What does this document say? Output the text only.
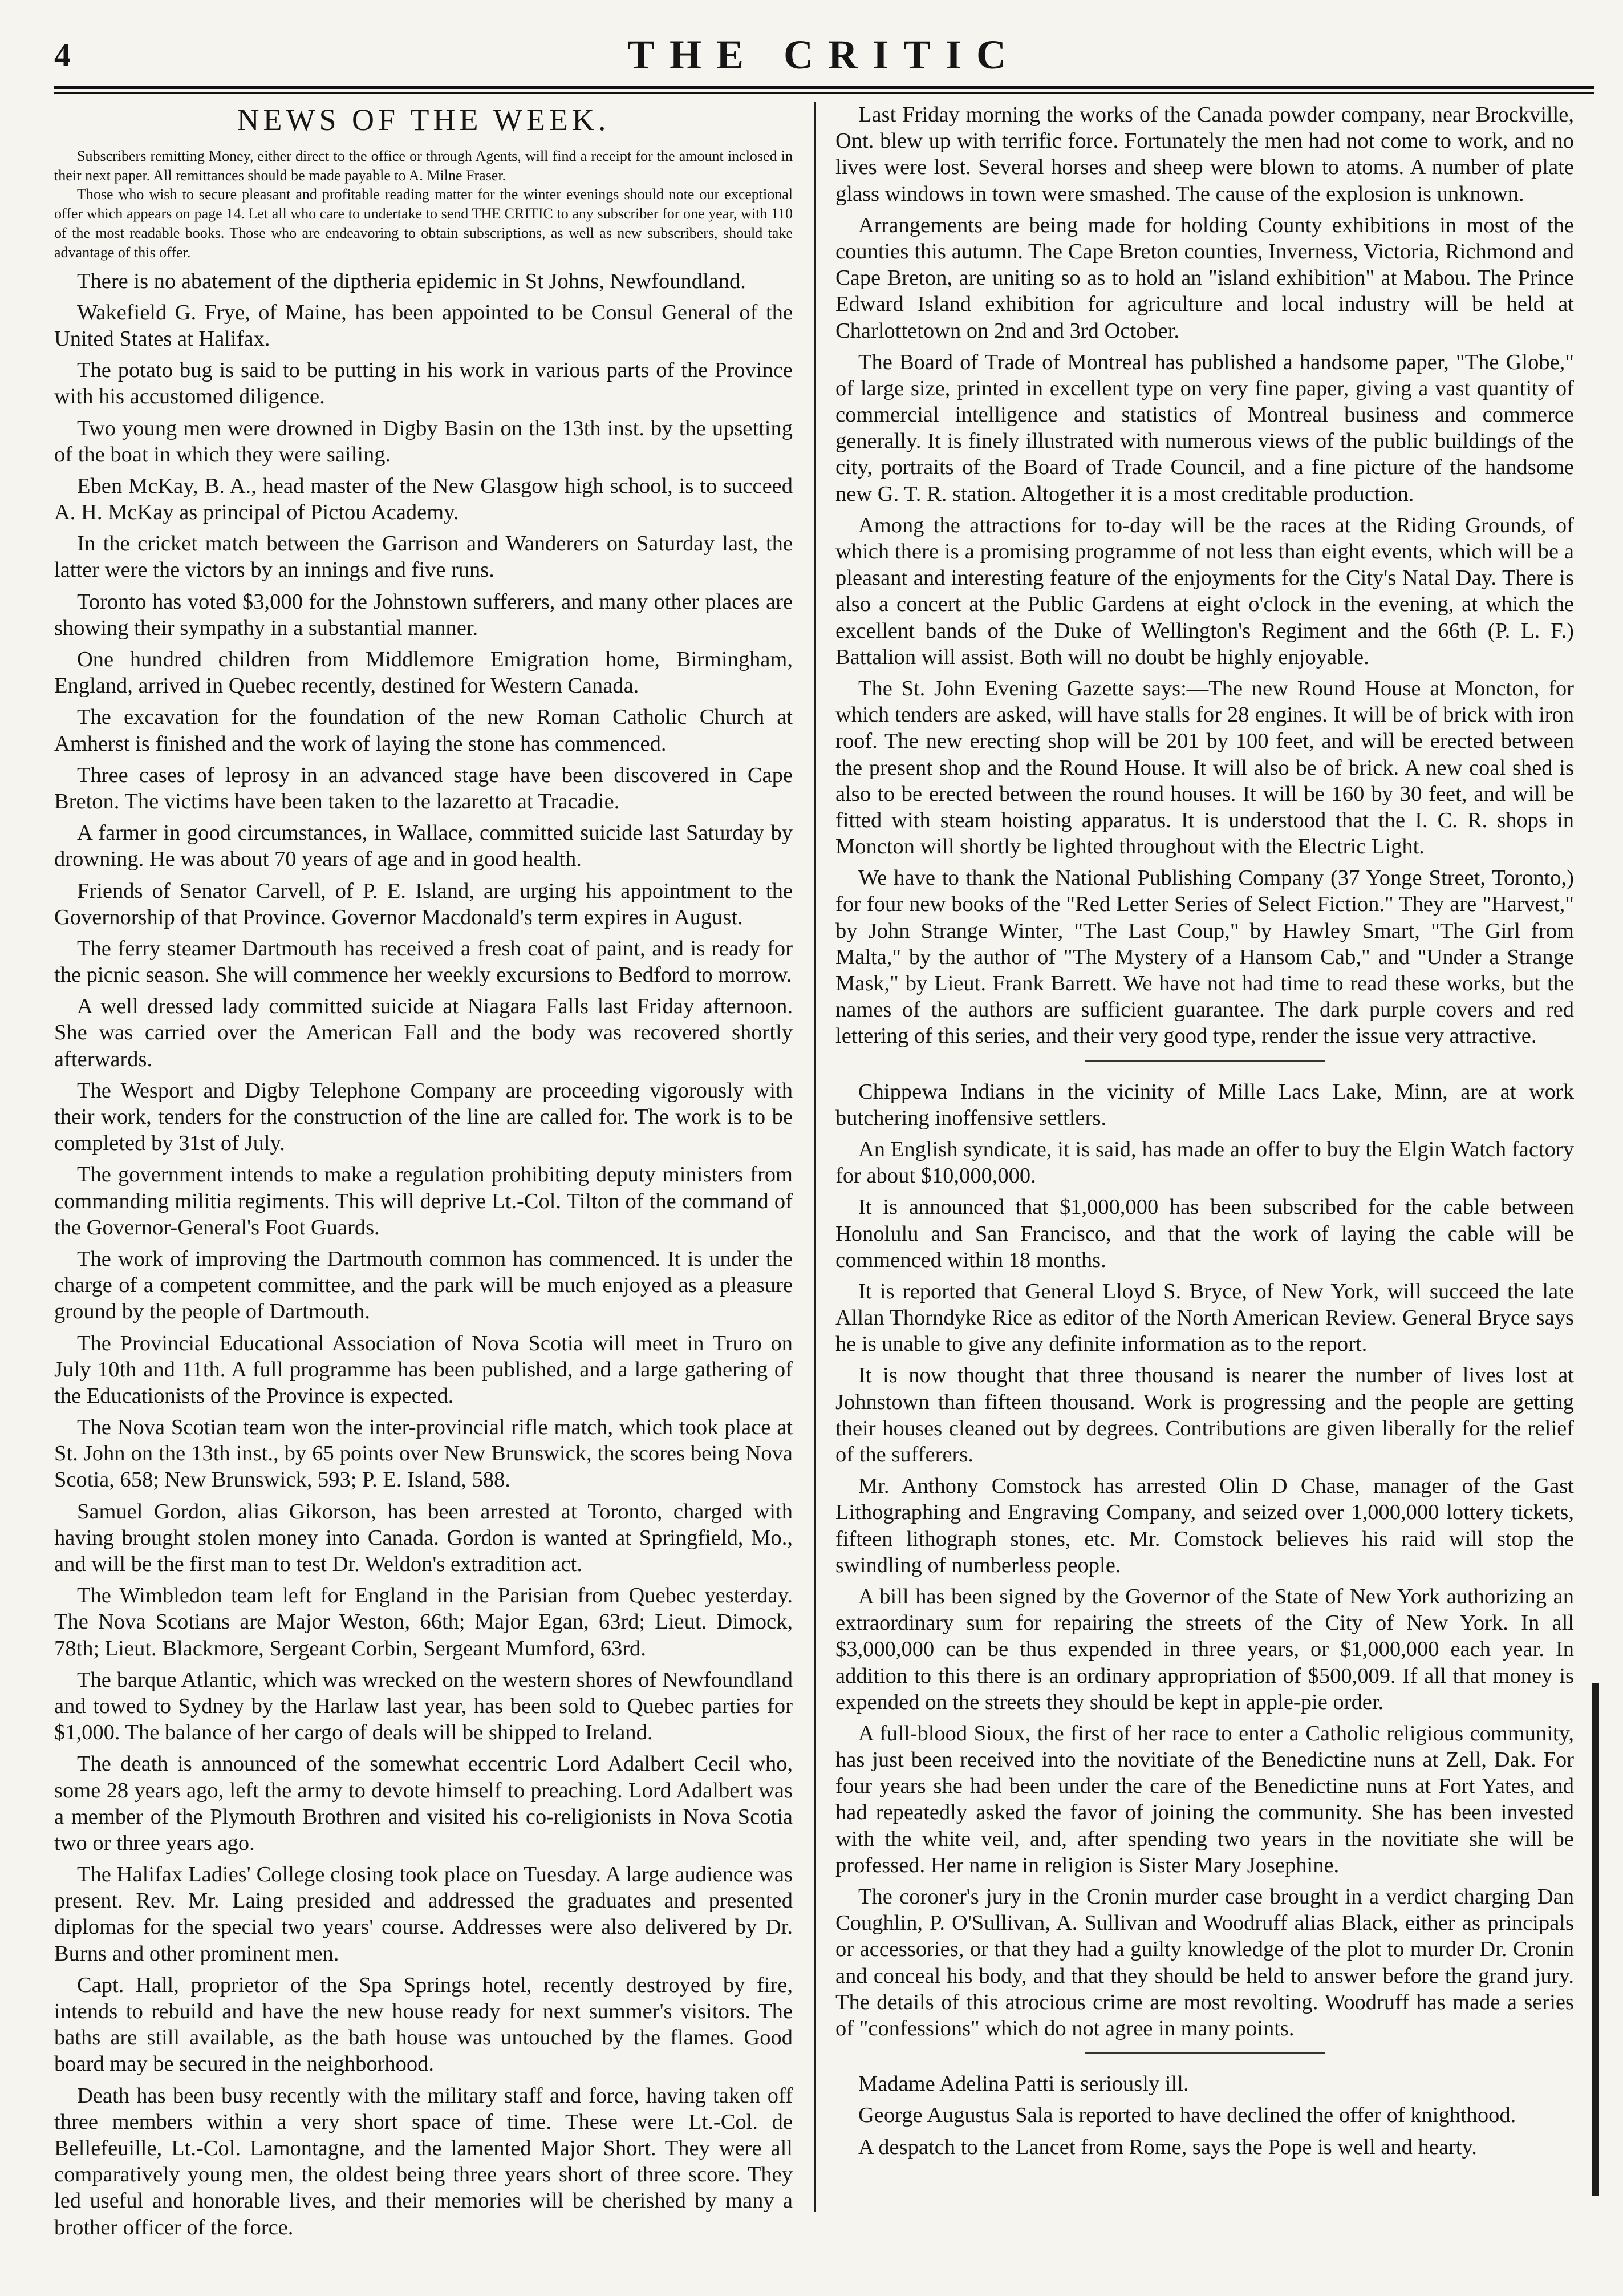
4	THE CRITIC
NEWS OF THE WEEK.

Subscribers remitting Money, either direct to the office or through Agents, will find a receipt for the amount inclosed in their next paper. All remittances should be made payable to A. Milne Fraser.

Those who wish to secure pleasant and profitable reading matter for the winter evenings should note our exceptional offer which appears on page 14. Let all who care to undertake to send THE CRITIC to any subscriber for one year, with 110 of the most readable books. Those who are endeavoring to obtain subscriptions, as well as new subscribers, should take advantage of this offer.

There is no abatement of the diptheria epidemic in St Johns, Newfoundland.

Wakefield G. Frye, of Maine, has been appointed to be Consul General of the United States at Halifax.

The potato bug is said to be putting in his work in various parts of the Province with his accustomed diligence.

Two young men were drowned in Digby Basin on the 13th inst. by the upsetting of the boat in which they were sailing.

Eben McKay, B. A., head master of the New Glasgow high school, is to succeed A. H. McKay as principal of Pictou Academy.

In the cricket match between the Garrison and Wanderers on Saturday last, the latter were the victors by an innings and five runs.

Toronto has voted $3,000 for the Johnstown sufferers, and many other places are showing their sympathy in a substantial manner.

One hundred children from Middlemore Emigration home, Birmingham, England, arrived in Quebec recently, destined for Western Canada.

The excavation for the foundation of the new Roman Catholic Church at Amherst is finished and the work of laying the stone has commenced.

Three cases of leprosy in an advanced stage have been discovered in Cape Breton. The victims have been taken to the lazaretto at Tracadie.

A farmer in good circumstances, in Wallace, committed suicide last Saturday by drowning. He was about 70 years of age and in good health.

Friends of Senator Carvell, of P. E. Island, are urging his appointment to the Governorship of that Province. Governor Macdonald's term expires in August.

The ferry steamer Dartmouth has received a fresh coat of paint, and is ready for the picnic season. She will commence her weekly excursions to Bedford to morrow.

A well dressed lady committed suicide at Niagara Falls last Friday afternoon. She was carried over the American Fall and the body was recovered shortly afterwards.

The Wesport and Digby Telephone Company are proceeding vigorously with their work, tenders for the construction of the line are called for. The work is to be completed by 31st of July.

The government intends to make a regulation prohibiting deputy ministers from commanding militia regiments. This will deprive Lt.-Col. Tilton of the command of the Governor-General's Foot Guards.

The work of improving the Dartmouth common has commenced. It is under the charge of a competent committee, and the park will be much enjoyed as a pleasure ground by the people of Dartmouth.

The Provincial Educational Association of Nova Scotia will meet in Truro on July 10th and 11th. A full programme has been published, and a large gathering of the Educationists of the Province is expected.

The Nova Scotian team won the inter-provincial rifle match, which took place at St. John on the 13th inst., by 65 points over New Brunswick, the scores being Nova Scotia, 658; New Brunswick, 593; P. E. Island, 588.

Samuel Gordon, alias Gikorson, has been arrested at Toronto, charged with having brought stolen money into Canada. Gordon is wanted at Springfield, Mo., and will be the first man to test Dr. Weldon's extradition act.

The Wimbledon team left for England in the Parisian from Quebec yesterday. The Nova Scotians are Major Weston, 66th; Major Egan, 63rd; Lieut. Dimock, 78th; Lieut. Blackmore, Sergeant Corbin, Sergeant Mumford, 63rd.

The barque Atlantic, which was wrecked on the western shores of Newfoundland and towed to Sydney by the Harlaw last year, has been sold to Quebec parties for $1,000. The balance of her cargo of deals will be shipped to Ireland.

The death is announced of the somewhat eccentric Lord Adalbert Cecil who, some 28 years ago, left the army to devote himself to preaching. Lord Adalbert was a member of the Plymouth Brothren and visited his co-religionists in Nova Scotia two or three years ago.

The Halifax Ladies' College closing took place on Tuesday. A large audience was present. Rev. Mr. Laing presided and addressed the graduates and presented diplomas for the special two years' course. Addresses were also delivered by Dr. Burns and other prominent men.

Capt. Hall, proprietor of the Spa Springs hotel, recently destroyed by fire, intends to rebuild and have the new house ready for next summer's visitors. The baths are still available, as the bath house was untouched by the flames. Good board may be secured in the neighborhood.

Death has been busy recently with the military staff and force, having taken off three members within a very short space of time. These were Lt.-Col. de Bellefeuille, Lt.-Col. Lamontagne, and the lamented Major Short. They were all comparatively young men, the oldest being three years short of three score. They led useful and honorable lives, and their memories will be cherished by many a brother officer of the force.

Last Friday morning the works of the Canada powder company, near Brockville, Ont. blew up with terrific force. Fortunately the men had not come to work, and no lives were lost. Several horses and sheep were blown to atoms. A number of plate glass windows in town were smashed. The cause of the explosion is unknown.

Arrangements are being made for holding County exhibitions in most of the counties this autumn. The Cape Breton counties, Inverness, Victoria, Richmond and Cape Breton, are uniting so as to hold an "island exhibition" at Mabou. The Prince Edward Island exhibition for agriculture and local industry will be held at Charlottetown on 2nd and 3rd October.

The Board of Trade of Montreal has published a handsome paper, "The Globe," of large size, printed in excellent type on very fine paper, giving a vast quantity of commercial intelligence and statistics of Montreal business and commerce generally. It is finely illustrated with numerous views of the public buildings of the city, portraits of the Board of Trade Council, and a fine picture of the handsome new G. T. R. station. Altogether it is a most creditable production.

Among the attractions for to-day will be the races at the Riding Grounds, of which there is a promising programme of not less than eight events, which will be a pleasant and interesting feature of the enjoyments for the City's Natal Day. There is also a concert at the Public Gardens at eight o'clock in the evening, at which the excellent bands of the Duke of Wellington's Regiment and the 66th (P. L. F.) Battalion will assist. Both will no doubt be highly enjoyable.

The St. John Evening Gazette says:—The new Round House at Moncton, for which tenders are asked, will have stalls for 28 engines. It will be of brick with iron roof. The new erecting shop will be 201 by 100 feet, and will be erected between the present shop and the Round House. It will also be of brick. A new coal shed is also to be erected between the round houses. It will be 160 by 30 feet, and will be fitted with steam hoisting apparatus. It is understood that the I. C. R. shops in Moncton will shortly be lighted throughout with the Electric Light.

We have to thank the National Publishing Company (37 Yonge Street, Toronto,) for four new books of the "Red Letter Series of Select Fiction." They are "Harvest," by John Strange Winter, "The Last Coup," by Hawley Smart, "The Girl from Malta," by the author of "The Mystery of a Hansom Cab," and "Under a Strange Mask," by Lieut. Frank Barrett. We have not had time to read these works, but the names of the authors are sufficient guarantee. The dark purple covers and red lettering of this series, and their very good type, render the issue very attractive.

Chippewa Indians in the vicinity of Mille Lacs Lake, Minn, are at work butchering inoffensive settlers.

An English syndicate, it is said, has made an offer to buy the Elgin Watch factory for about $10,000,000.

It is announced that $1,000,000 has been subscribed for the cable between Honolulu and San Francisco, and that the work of laying the cable will be commenced within 18 months.

It is reported that General Lloyd S. Bryce, of New York, will succeed the late Allan Thorndyke Rice as editor of the North American Review. General Bryce says he is unable to give any definite information as to the report.

It is now thought that three thousand is nearer the number of lives lost at Johnstown than fifteen thousand. Work is progressing and the people are getting their houses cleaned out by degrees. Contributions are given liberally for the relief of the sufferers.

Mr. Anthony Comstock has arrested Olin D Chase, manager of the Gast Lithographing and Engraving Company, and seized over 1,000,000 lottery tickets, fifteen lithograph stones, etc. Mr. Comstock believes his raid will stop the swindling of numberless people.

A bill has been signed by the Governor of the State of New York authorizing an extraordinary sum for repairing the streets of the City of New York. In all $3,000,000 can be thus expended in three years, or $1,000,000 each year. In addition to this there is an ordinary appropriation of $500,009. If all that money is expended on the streets they should be kept in apple-pie order.

A full-blood Sioux, the first of her race to enter a Catholic religious community, has just been received into the novitiate of the Benedictine nuns at Zell, Dak. For four years she had been under the care of the Benedictine nuns at Fort Yates, and had repeatedly asked the favor of joining the community. She has been invested with the white veil, and, after spending two years in the novitiate she will be professed. Her name in religion is Sister Mary Josephine.

The coroner's jury in the Cronin murder case brought in a verdict charging Dan Coughlin, P. O'Sullivan, A. Sullivan and Woodruff alias Black, either as principals or accessories, or that they had a guilty knowledge of the plot to murder Dr. Cronin and conceal his body, and that they should be held to answer before the grand jury. The details of this atrocious crime are most revolting. Woodruff has made a series of "confessions" which do not agree in many points.

Madame Adelina Patti is seriously ill.

George Augustus Sala is reported to have declined the offer of knighthood.

A despatch to the Lancet from Rome, says the Pope is well and hearty.
